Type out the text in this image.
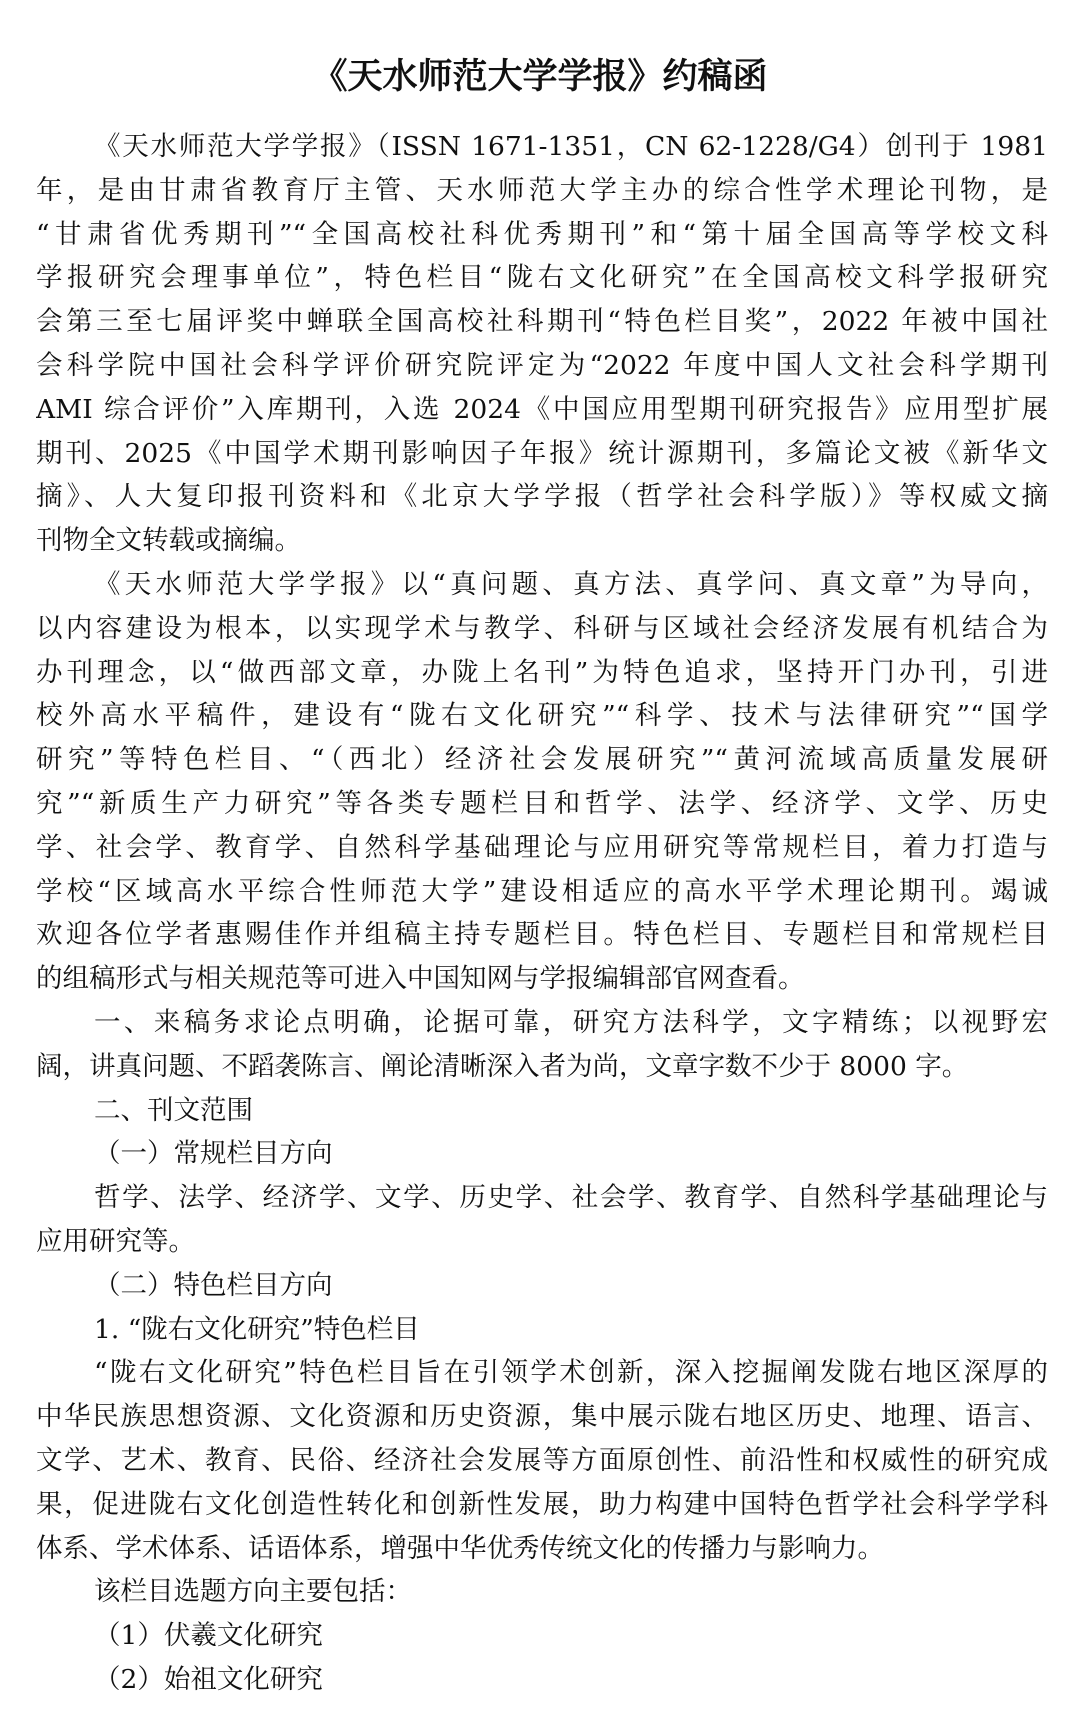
《天水师范大学学报》约稿函
《天水师范大学学报》（ISSN 1671-1351，CN 62-1228/G4）创刊于 1981
年，是由甘肃省教育厅主管、天水师范大学主办的综合性学术理论刊物，是
“甘肃省优秀期刊”“全国高校社科优秀期刊”和“第十届全国高等学校文科
学报研究会理事单位”，特色栏目“陇右文化研究”在全国高校文科学报研究
会第三至七届评奖中蝉联全国高校社科期刊“特色栏目奖”，2022 年被中国社
会科学院中国社会科学评价研究院评定为“2022 年度中国人文社会科学期刊
AMI 综合评价”入库期刊，入选 2024《中国应用型期刊研究报告》应用型扩展
期刊、2025《中国学术期刊影响因子年报》统计源期刊，多篇论文被《新华文
摘》、人大复印报刊资料和《北京大学学报（哲学社会科学版）》等权威文摘
刊物全文转载或摘编。
《天水师范大学学报》以“真问题、真方法、真学问、真文章”为导向，
以内容建设为根本，以实现学术与教学、科研与区域社会经济发展有机结合为
办刊理念，以“做西部文章，办陇上名刊”为特色追求，坚持开门办刊，引进
校外高水平稿件，建设有“陇右文化研究”“科学、技术与法律研究”“国学
研究”等特色栏目、“（西北）经济社会发展研究”“黄河流域高质量发展研
究”“新质生产力研究”等各类专题栏目和哲学、法学、经济学、文学、历史
学、社会学、教育学、自然科学基础理论与应用研究等常规栏目，着力打造与
学校“区域高水平综合性师范大学”建设相适应的高水平学术理论期刊。竭诚
欢迎各位学者惠赐佳作并组稿主持专题栏目。特色栏目、专题栏目和常规栏目
的组稿形式与相关规范等可进入中国知网与学报编辑部官网查看。
一、来稿务求论点明确，论据可靠，研究方法科学，文字精练；以视野宏
阔，讲真问题、不蹈袭陈言、阐论清晰深入者为尚，文章字数不少于 8000 字。
二、刊文范围
（一）常规栏目方向
哲学、法学、经济学、文学、历史学、社会学、教育学、自然科学基础理论与
应用研究等。
（二）特色栏目方向
1. “陇右文化研究”特色栏目
“陇右文化研究”特色栏目旨在引领学术创新，深入挖掘阐发陇右地区深厚的
中华民族思想资源、文化资源和历史资源，集中展示陇右地区历史、地理、语言、
文学、艺术、教育、民俗、经济社会发展等方面原创性、前沿性和权威性的研究成
果，促进陇右文化创造性转化和创新性发展，助力构建中国特色哲学社会科学学科
体系、学术体系、话语体系，增强中华优秀传统文化的传播力与影响力。
该栏目选题方向主要包括：
（1）伏羲文化研究
（2）始祖文化研究
